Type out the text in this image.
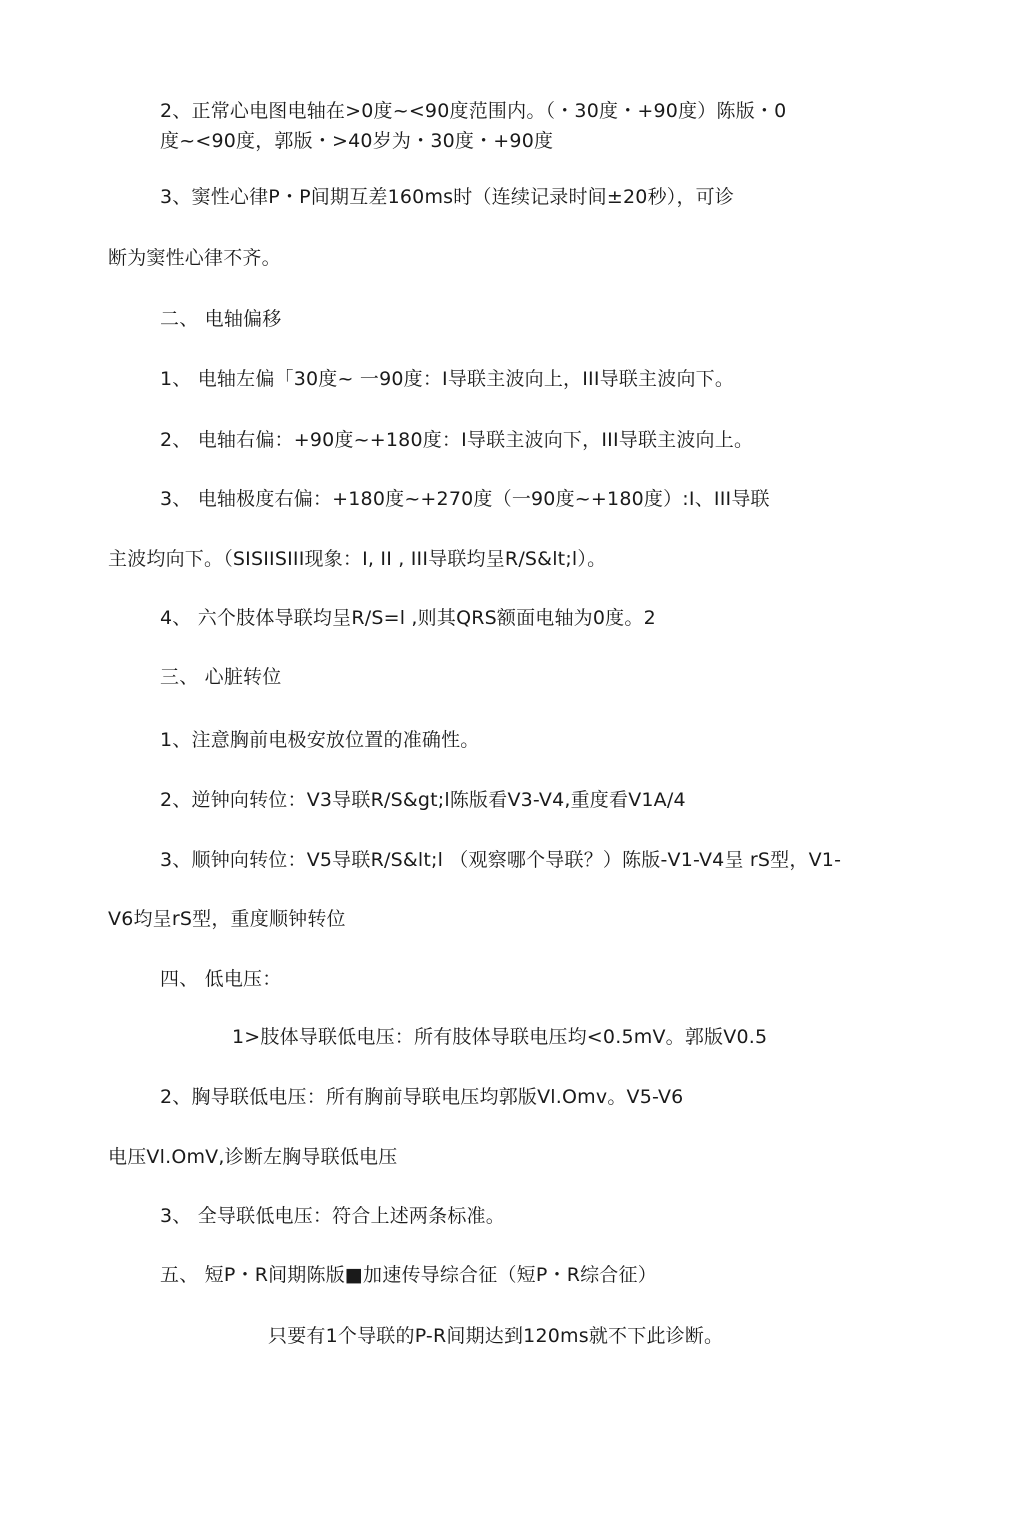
2、正常心电图电轴在>0度~<90度范围内。（・30度・+90度）陈版・0

度~<90度，郭版・>40岁为・30度・+90度

3、窦性心律P・P间期互差160ms时（连续记录时间±20秒），可诊

断为窦性心律不齐。

二、 电轴偏移

1、 电轴左偏「30度~ 一90度：I导联主波向上，III导联主波向下。

2、 电轴右偏：+90度~+180度：I导联主波向下，III导联主波向上。

3、 电轴极度右偏：+180度~+270度（一90度~+180度）:I、III导联

主波均向下。（SISIISIII现象：I, II , III导联均呈R/S&lt;l）。

4、 六个肢体导联均呈R/S=l ,则其QRS额面电轴为0度。2

三、 心脏转位

1、注意胸前电极安放位置的准确性。

2、逆钟向转位：V3导联R/S&gt;l陈版看V3-V4,重度看V1A/4

3、顺钟向转位：V5导联R/S&lt;l （观察哪个导联？）陈版-V1-V4呈 rS型，V1-

V6均呈rS型，重度顺钟转位

四、 低电压：

1>肢体导联低电压：所有肢体导联电压均<0.5mV。郭版V0.5

2、胸导联低电压：所有胸前导联电压均郭版Vl.Omv。V5-V6

电压Vl.OmV,诊断左胸导联低电压

3、 全导联低电压：符合上述两条标准。

五、 短P・R间期陈版■加速传导综合征（短P・R综合征）

只要有1个导联的P-R间期达到120ms就不下此诊断。
